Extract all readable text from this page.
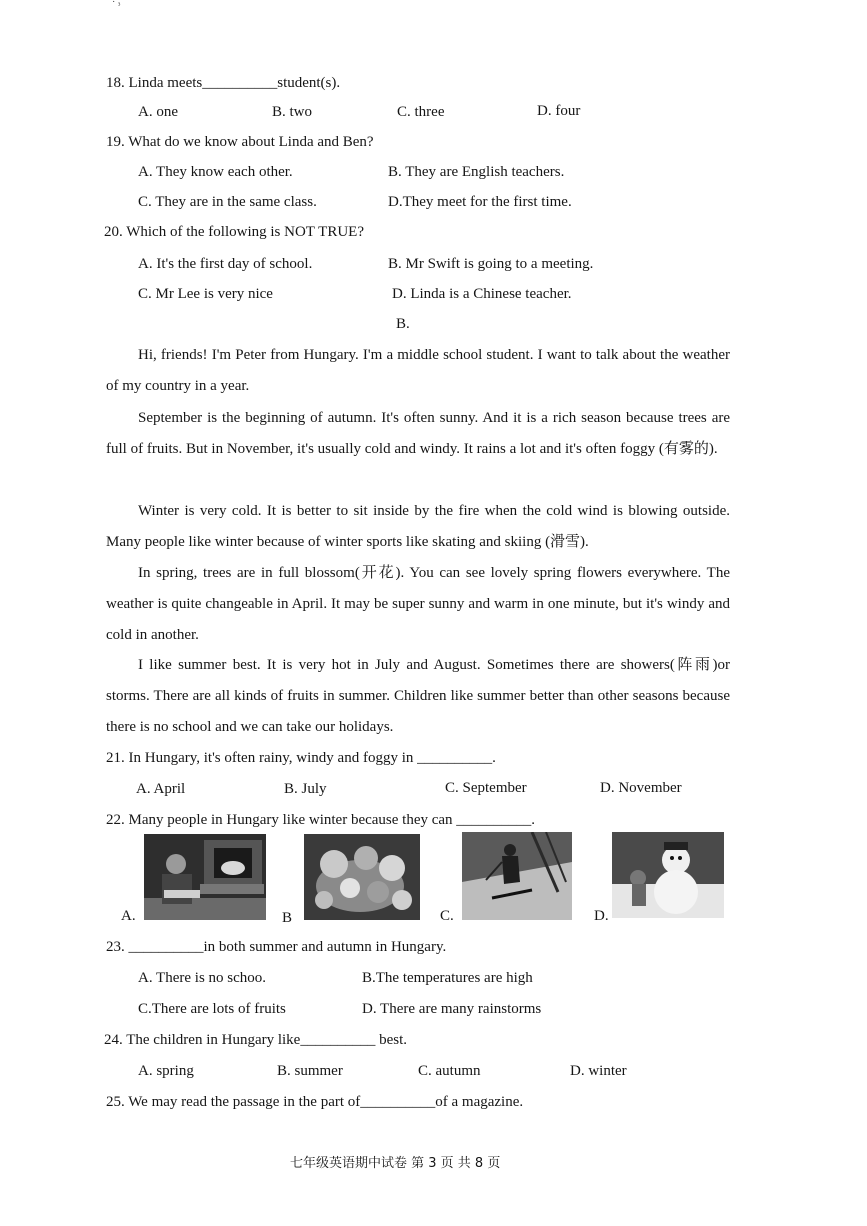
˙ ᵌ
18. Linda meets__________student(s).
A. one	B. two	C. three	D. four
19. What do we know about Linda and Ben?
A. They know each other.	B. They are English teachers.
C. They are in the same class.	D.They meet for the first time.
20. Which of the following is NOT TRUE?
A. It's the first day of school.	B. Mr Swift is going to a meeting.
C. Mr Lee is very nice	D. Linda is a Chinese teacher.
B.
Hi, friends! I'm Peter from Hungary. I'm a middle school student. I want to talk about the weather of my country in a year.
September is the beginning of autumn. It's often sunny. And it is a rich season because trees are full of fruits. But in November, it's usually cold and windy. It rains a lot and it's often foggy (有雾的).
Winter is very cold. It is better to sit inside by the fire when the cold wind is blowing outside. Many people like winter because of winter sports like skating and skiing (滑雪).
In spring, trees are in full blossom(开花). You can see lovely spring flowers everywhere. The weather is quite changeable in April. It may be super sunny and warm in one minute, but it's windy and cold in another.
I like summer best. It is very hot in July and August. Sometimes there are showers(阵雨)or storms. There are all kinds of fruits in summer. Children like summer better than other seasons because there is no school and we can take our holidays.
21. In Hungary, it's often rainy, windy and foggy in __________.
A. April	B. July	C. September	D. November
22. Many people in Hungary like winter because they can __________.
A.	B	C.	D.
23. __________in both summer and autumn in Hungary.
A. There is no schoo.	B.The temperatures are high
C.There are lots of fruits	D. There are many rainstorms
24. The children in Hungary like__________ best.
A. spring	B. summer	C. autumn	D. winter
25. We may read the passage in the part of__________of a magazine.
七年级英语期中试卷 第 3 页 共 8 页
